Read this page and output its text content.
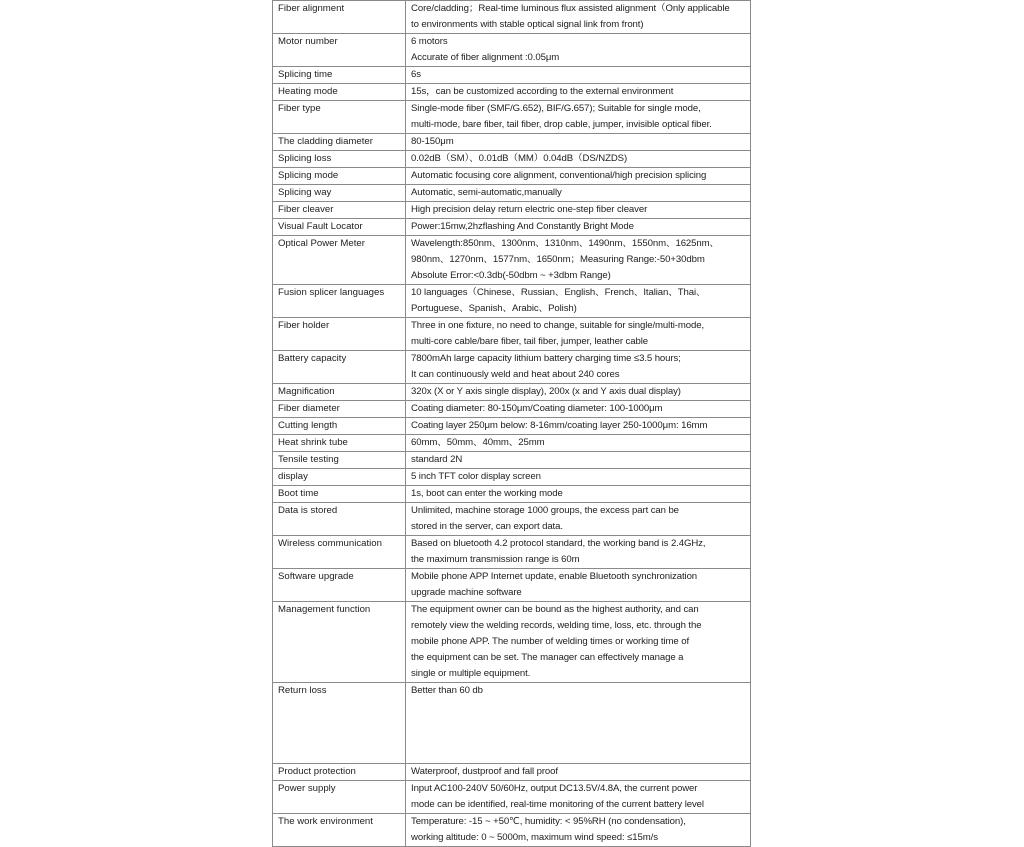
Fiber alignment	Core/cladding；Real-time luminous flux assisted alignment（Only applicable
to environments with stable optical signal link from front)
Motor number	6 motors
Accurate of fiber alignment :0.05μm
Splicing time	6s
Heating mode	15s，can be customized according to the external environment
Fiber type	Single-mode fiber (SMF/G.652), BIF/G.657); Suitable for single mode,
multi-mode, bare fiber, tail fiber, drop cable, jumper, invisible optical fiber.
The cladding diameter	80-150μm
Splicing loss	0.02dB（SM）、0.01dB（MM）0.04dB（DS/NZDS)
Splicing mode	Automatic focusing core alignment, conventional/high precision splicing
Splicing way	Automatic, semi-automatic,manually
Fiber cleaver	High precision delay return electric one-step fiber cleaver
Visual Fault Locator	Power:15mw,2hzflashing And Constantly Bright Mode
Optical Power Meter	Wavelength:850nm、1300nm、1310nm、1490nm、1550nm、1625nm、
980nm、1270nm、1577nm、1650nm；Measuring Range:-50+30dbm
Absolute Error:<0.3db(-50dbm ~ +3dbm Range)
Fusion splicer languages	10 languages（Chinese、Russian、English、French、Italian、Thai、
Portuguese、Spanish、Arabic、Polish)
Fiber holder	Three in one fixture, no need to change, suitable for single/multi-mode,
multi-core cable/bare fiber, tail fiber, jumper, leather cable
Battery capacity	7800mAh large capacity lithium battery charging time ≤3.5 hours;
It can continuously weld and heat about 240 cores
Magnification	320x (X or Y axis single display), 200x (x and Y axis dual display)
Fiber diameter	Coating diameter: 80-150μm/Coating diameter: 100-1000μm
Cutting length	Coating layer 250μm below: 8-16mm/coating layer 250-1000μm: 16mm
Heat shrink tube	60mm、50mm、40mm、25mm
Tensile testing	standard 2N
display	5 inch TFT color display screen
Boot time	1s, boot can enter the working mode
Data is stored	Unlimited, machine storage 1000 groups, the excess part can be
stored in the server, can export data.
Wireless communication	Based on bluetooth 4.2 protocol standard, the working band is 2.4GHz,
the maximum transmission range is 60m
Software upgrade	Mobile phone APP Internet update, enable Bluetooth synchronization
upgrade machine software
Management function	The equipment owner can be bound as the highest authority, and can
remotely view the welding records, welding time, loss, etc. through the
mobile phone APP. The number of welding times or working time of
the equipment can be set. The manager can effectively manage a
single or multiple equipment.
Return loss	Better than 60 db
Product protection	Waterproof, dustproof and fall proof
Power supply	Input AC100-240V 50/60Hz, output DC13.5V/4.8A, the current power
mode can be identified, real-time monitoring of the current battery level
The work environment	Temperature: -15 ~ +50℃, humidity: < 95%RH (no condensation),
working altitude: 0 ~ 5000m, maximum wind speed: ≤15m/s
